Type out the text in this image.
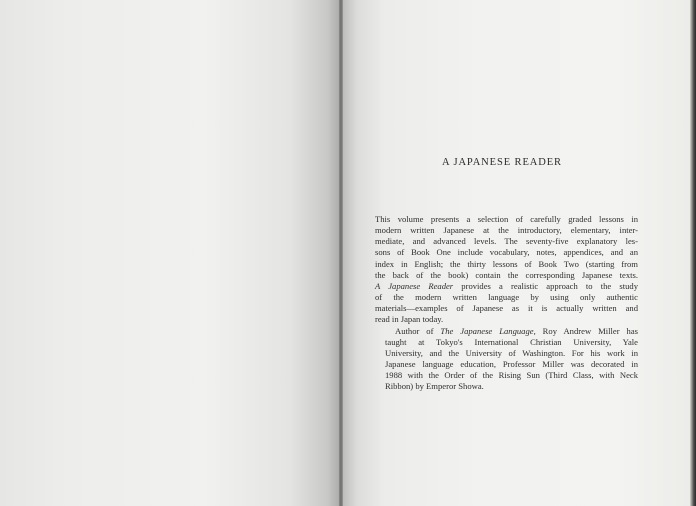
A JAPANESE READER

This volume presents a selection of carefully graded lessons in
modern written Japanese at the introductory, elementary, inter-
mediate, and advanced levels. The seventy-five explanatory les-
sons of Book One include vocabulary, notes, appendices, and an
index in English; the thirty lessons of Book Two (starting from
the back of the book) contain the corresponding Japanese texts.
A Japanese Reader provides a realistic approach to the study
of the modern written language by using only authentic
materials—examples of Japanese as it is actually written and
read in Japan today.

Author of The Japanese Language, Roy Andrew Miller has
taught at Tokyo's International Christian University, Yale
University, and the University of Washington. For his work in
Japanese language education, Professor Miller was decorated in
1988 with the Order of the Rising Sun (Third Class, with Neck
Ribbon) by Emperor Showa.
